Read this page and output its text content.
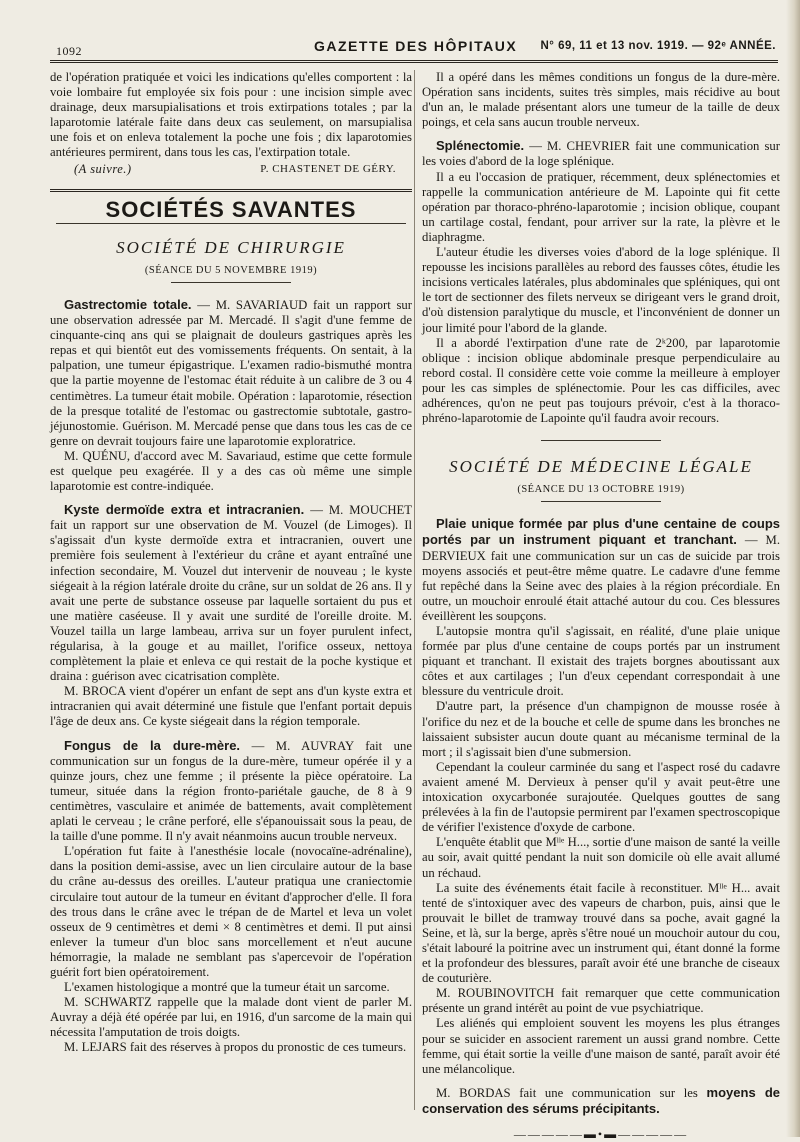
1092	GAZETTE DES HÔPITAUX N° 69, 11 et 13 nov. 1919. — 92ᵉ ANNÉE.

de l'opération pratiquée et voici les indications qu'elles comportent : la voie lombaire fut employée six fois pour : une incision simple avec drainage, deux marsupialisations et trois extirpations totales ; par la laparotomie latérale faite dans deux cas seulement, on marsupialisa une fois et on enleva totalement la poche une fois ; dix laparotomies antérieures permirent, dans tous les cas, l'extirpation totale.

(A suivre.)	P. CHASTENET DE GÉRY.
SOCIÉTÉS SAVANTES
SOCIÉTÉ DE CHIRURGIE
(SÉANCE DU 5 NOVEMBRE 1919)

Gastrectomie totale. — M. SAVARIAUD fait un rapport sur une observation adressée par M. Mercadé. Il s'agit d'une femme de cinquante-cinq ans qui se plaignait de douleurs gastriques après les repas et qui bientôt eut des vomissements fréquents. On sentait, à la palpation, une tumeur épigastrique. L'examen radio-bismuthé montra que la partie moyenne de l'estomac était réduite à un calibre de 3 ou 4 centimètres. La tumeur était mobile. Opération : laparotomie, résection de la presque totalité de l'estomac ou gastrectomie subtotale, gastro-jéjunostomie. Guérison. M. Mercadé pense que dans tous les cas de ce genre on devrait toujours faire une laparotomie exploratrice.

M. QUÉNU, d'accord avec M. Savariaud, estime que cette formule est quelque peu exagérée. Il y a des cas où même une simple laparotomie est contre-indiquée.

Kyste dermoïde extra et intracranien. — M. MOUCHET fait un rapport sur une observation de M. Vouzel (de Limoges). Il s'agissait d'un kyste dermoïde extra et intracranien, ouvert une première fois seulement à l'extérieur du crâne et ayant entraîné une infection secondaire, M. Vouzel dut intervenir de nouveau ; le kyste siégeait à la région latérale droite du crâne, sur un soldat de 26 ans. Il y avait une perte de substance osseuse par laquelle sortaient du pus et une matière caséeuse. Il y avait une surdité de l'oreille droite. M. Vouzel tailla un large lambeau, arriva sur un foyer purulent infect, régularisa, à la gouge et au maillet, l'orifice osseux, nettoya complètement la plaie et enleva ce qui restait de la poche kystique et draina : guérison avec cicatrisation complète.

M. BROCA vient d'opérer un enfant de sept ans d'un kyste extra et intracranien qui avait déterminé une fistule que l'enfant portait depuis l'âge de deux ans. Ce kyste siégeait dans la région temporale.

Fongus de la dure-mère. — M. AUVRAY fait une communication sur un fongus de la dure-mère, tumeur opérée il y a quinze jours, chez une femme ; il présente la pièce opératoire. La tumeur, située dans la région fronto-pariétale gauche, de 8 à 9 centimètres, vasculaire et animée de battements, avait complètement aplati le cerveau ; le crâne perforé, elle s'épanouissait sous la peau, de la taille d'une pomme. Il n'y avait néanmoins aucun trouble nerveux.

L'opération fut faite à l'anesthésie locale (novocaïne-adrénaline), dans la position demi-assise, avec un lien circulaire autour de la base du crâne au-dessus des oreilles. L'auteur pratiqua une craniectomie circulaire tout autour de la tumeur en évitant d'approcher d'elle. Il fora des trous dans le crâne avec le trépan de de Martel et leva un volet osseux de 9 centimètres et demi × 8 centimètres et demi. Il put ainsi enlever la tumeur d'un bloc sans morcellement et n'eut aucune hémorragie, la malade ne semblant pas s'apercevoir de l'opération guérit fort bien opératoirement.

L'examen histologique a montré que la tumeur était un sarcome.

M. SCHWARTZ rappelle que la malade dont vient de parler M. Auvray a déjà été opérée par lui, en 1916, d'un sarcome de la main qui nécessita l'amputation de trois doigts.

M. LEJARS fait des réserves à propos du pronostic de ces tumeurs.

Il a opéré dans les mêmes conditions un fongus de la dure-mère. Opération sans incidents, suites très simples, mais récidive au bout d'un an, le malade présentant alors une tumeur de la taille de deux poings, et cela sans aucun trouble nerveux.

Splénectomie. — M. CHEVRIER fait une communication sur les voies d'abord de la loge splénique.

Il a eu l'occasion de pratiquer, récemment, deux splénectomies et rappelle la communication antérieure de M. Lapointe qui fit cette opération par thoraco-phréno-laparotomie ; incision oblique, coupant un cartilage costal, fendant, pour arriver sur la rate, la plèvre et le diaphragme.

L'auteur étudie les diverses voies d'abord de la loge splénique. Il repousse les incisions parallèles au rebord des fausses côtes, étudie les incisions verticales latérales, plus abdominales que spléniques, qui ont le tort de sectionner des filets nerveux se dirigeant vers le grand droit, d'où distension paralytique du muscle, et l'inconvénient de donner un jour limité pour l'abord de la glande.

Il a abordé l'extirpation d'une rate de 2ᵏ200, par laparotomie oblique : incision oblique abdominale presque perpendiculaire au rebord costal. Il considère cette voie comme la meilleure à employer pour les cas simples de splénectomie. Pour les cas difficiles, avec adhérences, qu'on ne peut pas toujours prévoir, c'est à la thoraco-phréno-laparotomie de Lapointe qu'il faudra avoir recours.

SOCIÉTÉ DE MÉDECINE LÉGALE
(SÉANCE DU 13 OCTOBRE 1919)

Plaie unique formée par plus d'une centaine de coups portés par un instrument piquant et tranchant. — M. DERVIEUX fait une communication sur un cas de suicide par trois moyens associés et peut-être même quatre. Le cadavre d'une femme fut repêché dans la Seine avec des plaies à la région précordiale. En outre, un mouchoir enroulé était attaché autour du cou. Ces blessures éveillèrent les soupçons.

L'autopsie montra qu'il s'agissait, en réalité, d'une plaie unique formée par plus d'une centaine de coups portés par un instrument piquant et tranchant. Il existait des trajets borgnes aboutissant aux côtes et aux cartilages ; l'un d'eux cependant correspondait à une blessure du ventricule droit.

D'autre part, la présence d'un champignon de mousse rosée à l'orifice du nez et de la bouche et celle de spume dans les bronches ne laissaient subsister aucun doute quant au mécanisme terminal de la mort ; il s'agissait bien d'une submersion.

Cependant la couleur carminée du sang et l'aspect rosé du cadavre avaient amené M. Dervieux à penser qu'il y avait peut-être une intoxication oxycarbonée surajoutée. Quelques gouttes de sang prélevées à la fin de l'autopsie permirent par l'examen spectroscopique de vérifier l'existence d'oxyde de carbone.

L'enquête établit que Mˡˡᵉ H..., sortie d'une maison de santé la veille au soir, avait quitté pendant la nuit son domicile où elle avait allumé un réchaud.

La suite des événements était facile à reconstituer. Mˡˡᵉ H... avait tenté de s'intoxiquer avec des vapeurs de charbon, puis, ainsi que le prouvait le billet de tramway trouvé dans sa poche, avait gagné la Seine, et là, sur la berge, après s'être noué un mouchoir autour du cou, s'était labouré la poitrine avec un instrument qui, étant donné la forme et la profondeur des blessures, paraît avoir été une branche de ciseaux de couturière.

M. ROUBINOVITCH fait remarquer que cette communication présente un grand intérêt au point de vue psychiatrique.

Les aliénés qui emploient souvent les moyens les plus étranges pour se suicider en associent rarement un aussi grand nombre. Cette femme, qui était sortie la veille d'une maison de santé, paraît avoir été une mélancolique.

M. BORDAS fait une communication sur les moyens de conservation des sérums précipitants.

—————▬•▬—————
